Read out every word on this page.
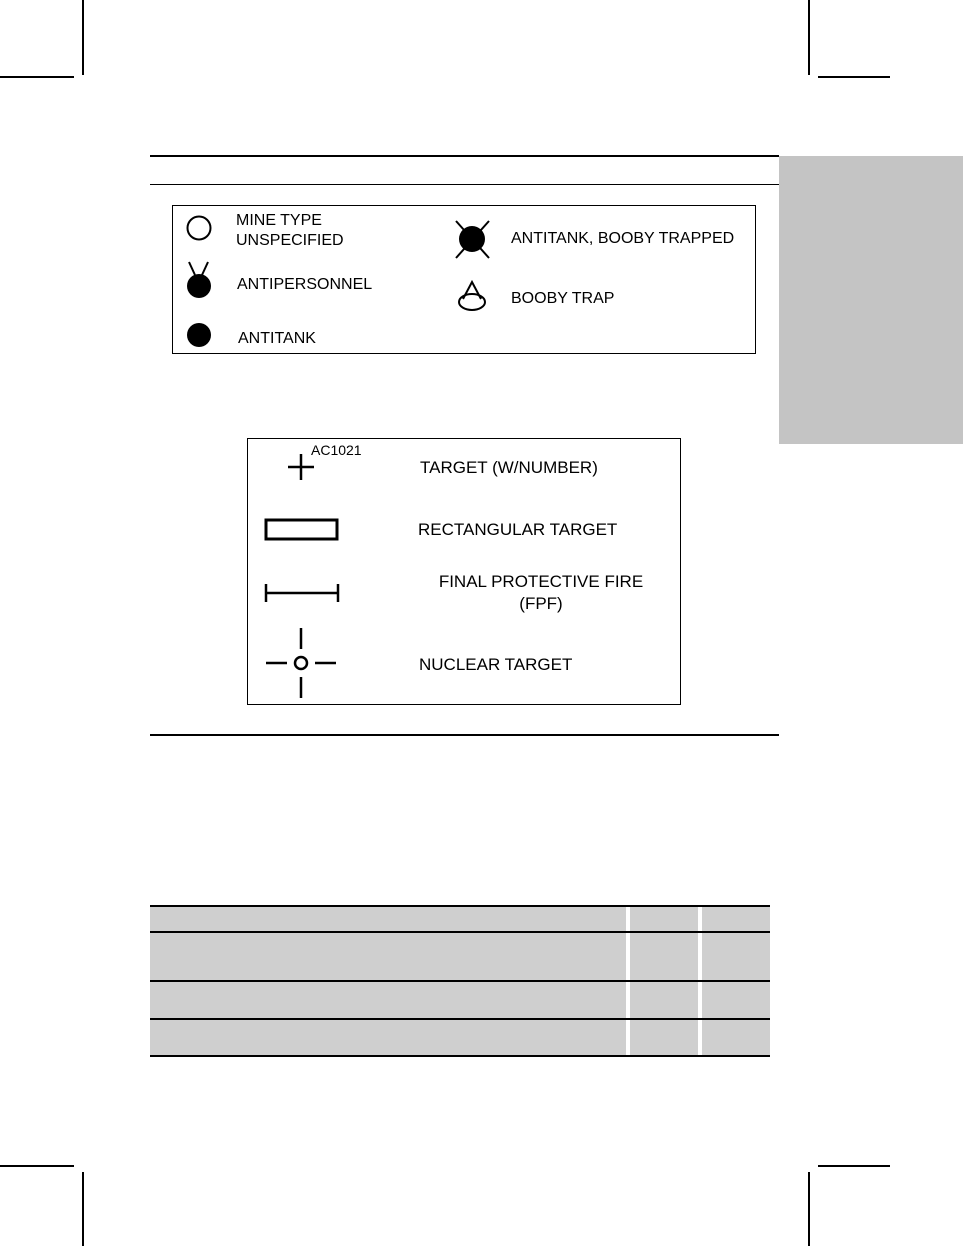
MINE TYPE
UNSPECIFIED
ANTIPERSONNEL
ANTITANK
ANTITANK, BOOBY TRAPPED
BOOBY TRAP
AC1021
TARGET (W/NUMBER)
RECTANGULAR TARGET
FINAL PROTECTIVE FIRE
(FPF)
NUCLEAR TARGET
